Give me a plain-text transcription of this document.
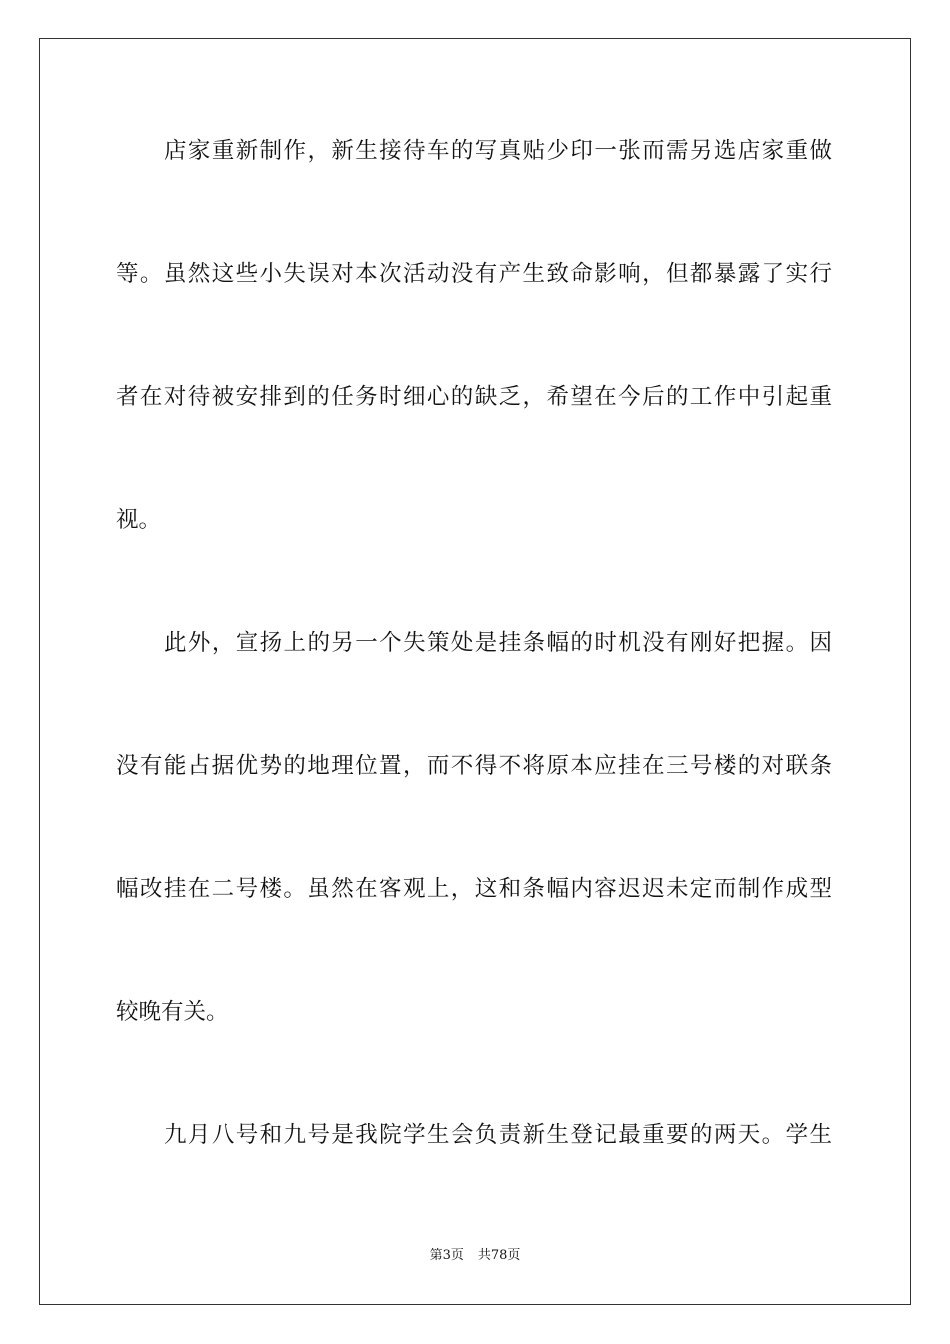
店家重新制作，新生接待车的写真贴少印一张而需另选店家重做
等。虽然这些小失误对本次活动没有产生致命影响，但都暴露了实行
者在对待被安排到的任务时细心的缺乏，希望在今后的工作中引起重
视。
此外，宣扬上的另一个失策处是挂条幅的时机没有刚好把握。因
没有能占据优势的地理位置，而不得不将原本应挂在三号楼的对联条
幅改挂在二号楼。虽然在客观上，这和条幅内容迟迟未定而制作成型
较晚有关。
九月八号和九号是我院学生会负责新生登记最重要的两天。学生
第3页 共78页
